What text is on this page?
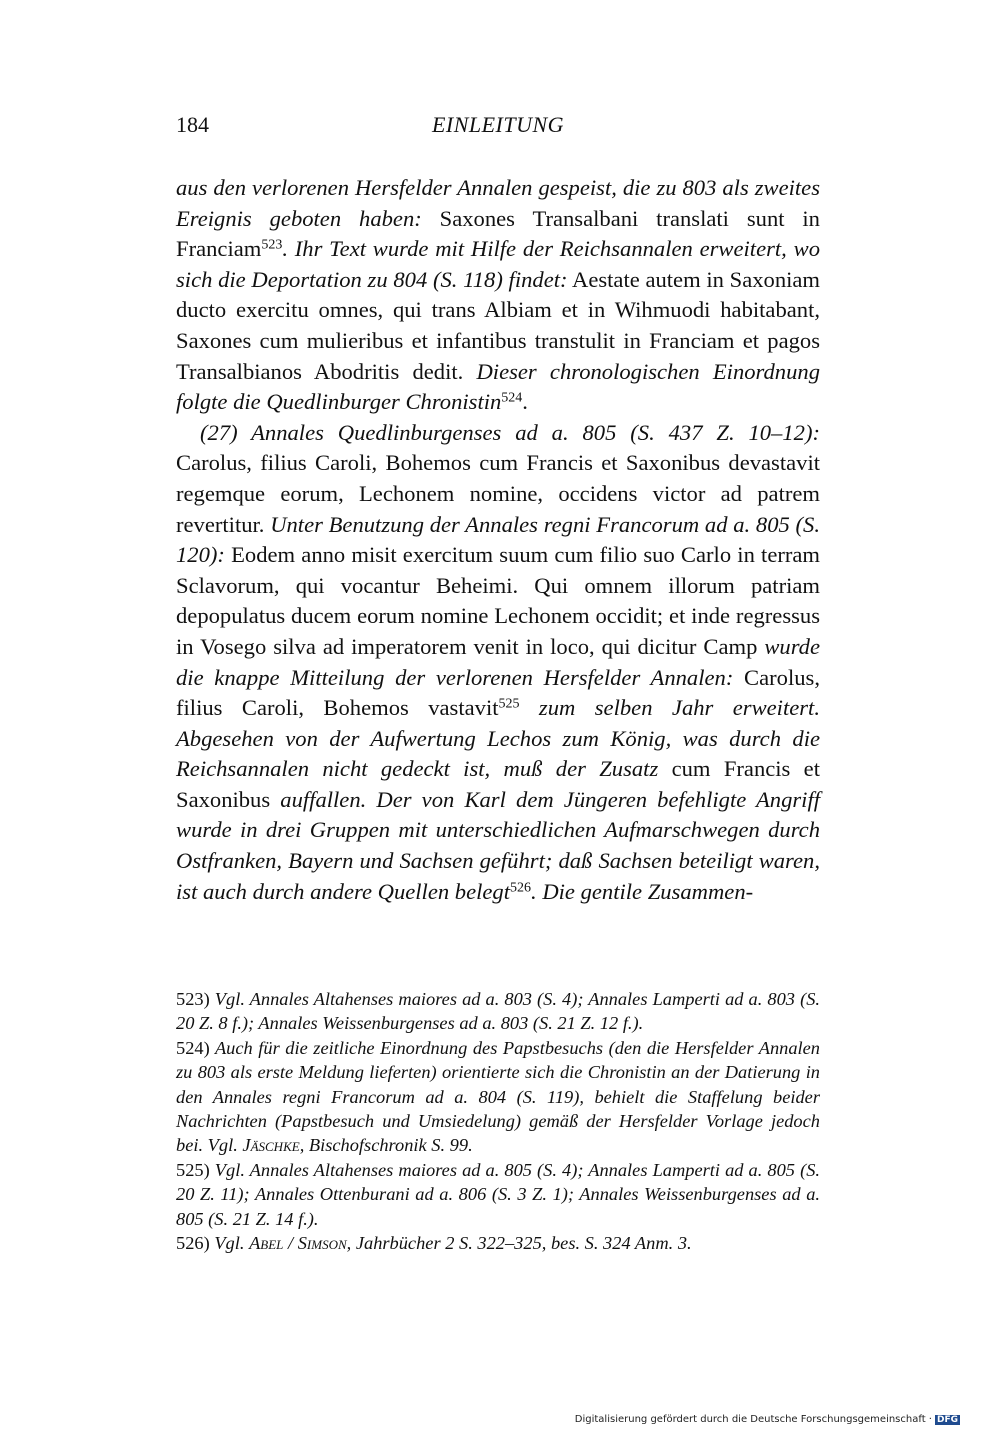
184	EINLEITUNG

aus den verlorenen Hersfelder Annalen gespeist, die zu 803 als zweites Ereignis geboten haben: Saxones Transalbani translati sunt in Franciam$^{523}$. Ihr Text wurde mit Hilfe der Reichsannalen erweitert, wo sich die Deportation zu 804 (S. 118) findet: Aestate autem in Saxoniam ducto exercitu omnes, qui trans Albiam et in Wihmuodi habitabant, Saxones cum mulieribus et infantibus transtulit in Franciam et pagos Transalbianos Abodritis dedit. Dieser chronologischen Einordnung folgte die Quedlinburger Chronistin$^{524}$.

(27) Annales Quedlinburgenses ad a. 805 (S. 437 Z. 10–12): Carolus, filius Caroli, Bohemos cum Francis et Saxonibus devastavit regemque eorum, Lechonem nomine, occidens victor ad patrem revertitur. Unter Benutzung der Annales regni Francorum ad a. 805 (S. 120): Eodem anno misit exercitum suum cum filio suo Carlo in terram Sclavorum, qui vocantur Beheimi. Qui omnem illorum patriam depopulatus ducem eorum nomine Lechonem occidit; et inde regressus in Vosego silva ad imperatorem venit in loco, qui dicitur Camp wurde die knappe Mitteilung der verlorenen Hersfelder Annalen: Carolus, filius Caroli, Bohemos vastavit$^{525}$ zum selben Jahr erweitert. Abgesehen von der Aufwertung Lechos zum König, was durch die Reichsannalen nicht gedeckt ist, muß der Zusatz cum Francis et Saxonibus auffallen. Der von Karl dem Jüngeren befehligte Angriff wurde in drei Gruppen mit unterschiedlichen Aufmarschwegen durch Ostfranken, Bayern und Sachsen geführt; daß Sachsen beteiligt waren, ist auch durch andere Quellen belegt$^{526}$. Die gentile Zusammen-

523) Vgl. Annales Altahenses maiores ad a. 803 (S. 4); Annales Lamperti ad a. 803 (S. 20 Z. 8 f.); Annales Weissenburgenses ad a. 803 (S. 21 Z. 12 f.).

524) Auch für die zeitliche Einordnung des Papstbesuchs (den die Hersfelder Annalen zu 803 als erste Meldung lieferten) orientierte sich die Chronistin an der Datierung in den Annales regni Francorum ad a. 804 (S. 119), behielt die Staffelung beider Nachrichten (Papstbesuch und Umsiedelung) gemäß der Hersfelder Vorlage jedoch bei. Vgl. Jäschke, Bischofschronik S. 99.

525) Vgl. Annales Altahenses maiores ad a. 805 (S. 4); Annales Lamperti ad a. 805 (S. 20 Z. 11); Annales Ottenburani ad a. 806 (S. 3 Z. 1); Annales Weissenburgenses ad a. 805 (S. 21 Z. 14 f.).

526) Vgl. Abel / Simson, Jahrbücher 2 S. 322–325, bes. S. 324 Anm. 3.

Digitalisierung gefördert durch die Deutsche Forschungsgemeinschaft · DFG
